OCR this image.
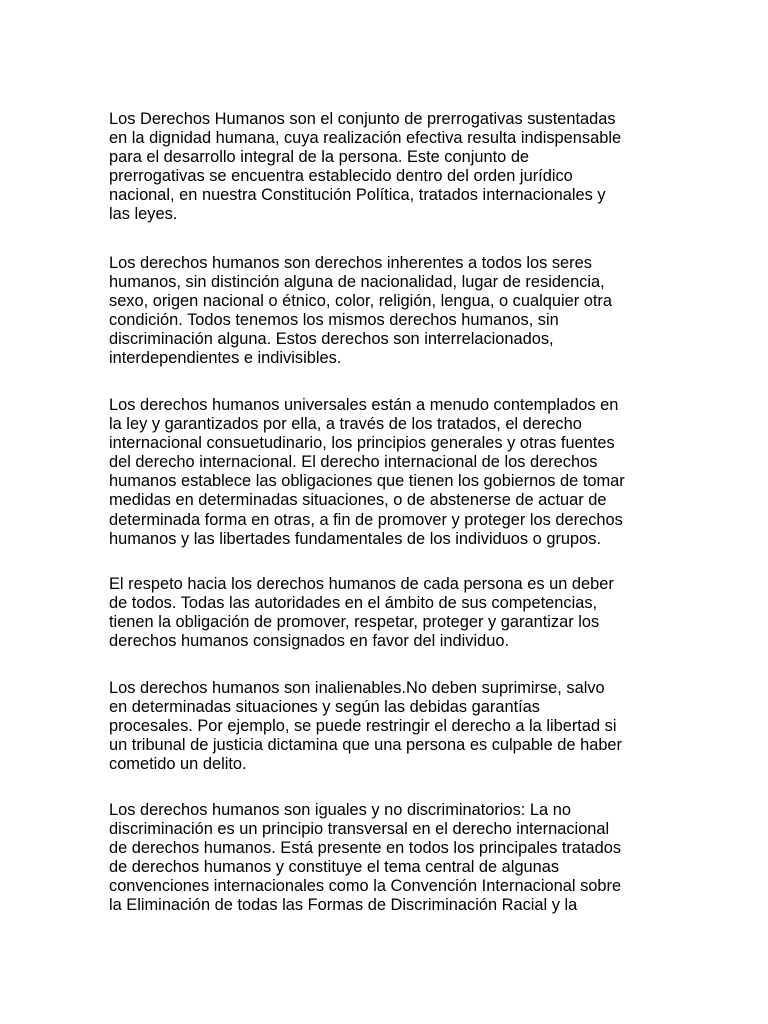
Los Derechos Humanos son el conjunto de prerrogativas sustentadas
en la dignidad humana, cuya realización efectiva resulta indispensable
para el desarrollo integral de la persona. Este conjunto de
prerrogativas se encuentra establecido dentro del orden jurídico
nacional, en nuestra Constitución Política, tratados internacionales y
las leyes.
Los derechos humanos son derechos inherentes a todos los seres
humanos, sin distinción alguna de nacionalidad, lugar de residencia,
sexo, origen nacional o étnico, color, religión, lengua, o cualquier otra
condición. Todos tenemos los mismos derechos humanos, sin
discriminación alguna. Estos derechos son interrelacionados,
interdependientes e indivisibles.
Los derechos humanos universales están a menudo contemplados en
la ley y garantizados por ella, a través de los tratados, el derecho
internacional consuetudinario, los principios generales y otras fuentes
del derecho internacional. El derecho internacional de los derechos
humanos establece las obligaciones que tienen los gobiernos de tomar
medidas en determinadas situaciones, o de abstenerse de actuar de
determinada forma en otras, a fin de promover y proteger los derechos
humanos y las libertades fundamentales de los individuos o grupos.
El respeto hacia los derechos humanos de cada persona es un deber
de todos. Todas las autoridades en el ámbito de sus competencias,
tienen la obligación de promover, respetar, proteger y garantizar los
derechos humanos consignados en favor del individuo.
Los derechos humanos son inalienables.No deben suprimirse, salvo
en determinadas situaciones y según las debidas garantías
procesales. Por ejemplo, se puede restringir el derecho a la libertad si
un tribunal de justicia dictamina que una persona es culpable de haber
cometido un delito.
Los derechos humanos son iguales y no discriminatorios: La no
discriminación es un principio transversal en el derecho internacional
de derechos humanos. Está presente en todos los principales tratados
de derechos humanos y constituye el tema central de algunas
convenciones internacionales como la Convención Internacional sobre
la Eliminación de todas las Formas de Discriminación Racial y la
